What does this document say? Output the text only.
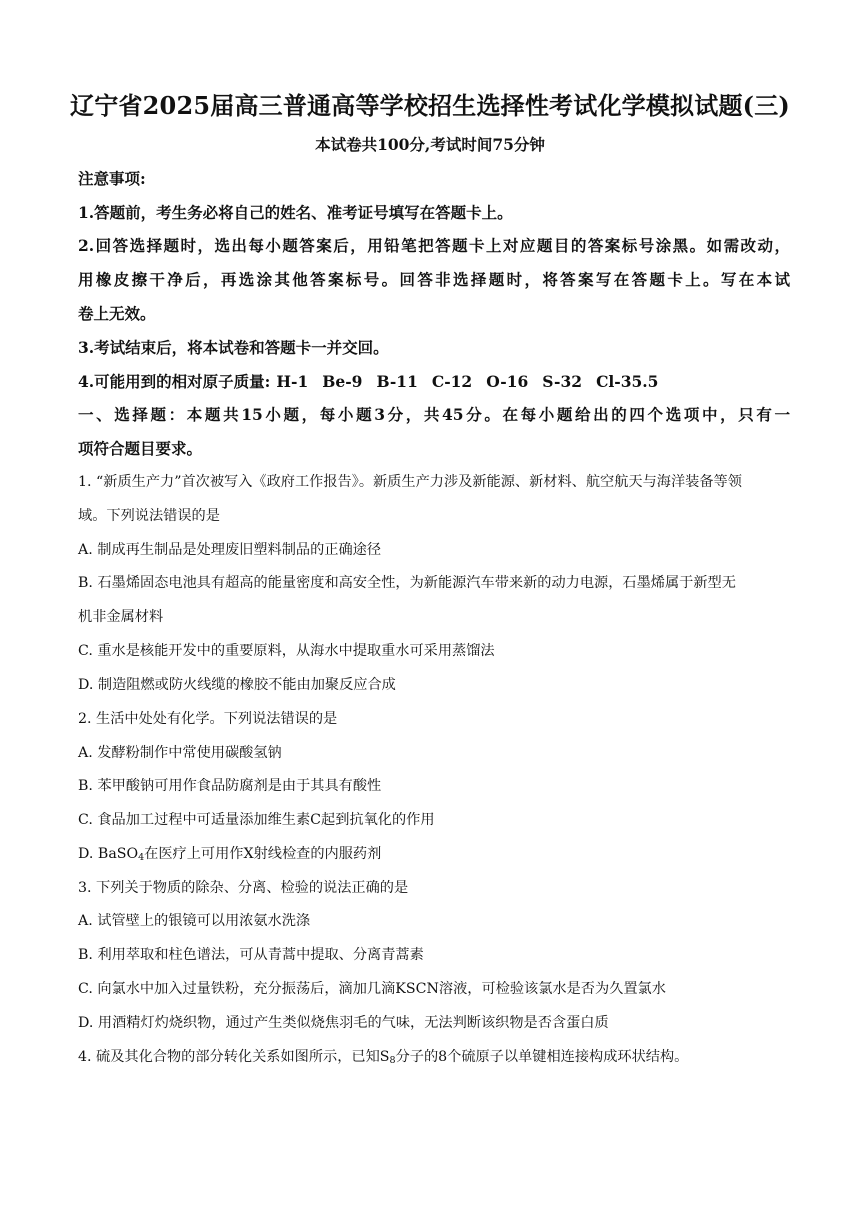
辽宁省2025届高三普通高等学校招生选择性考试化学模拟试题(三)
本试卷共100分,考试时间75分钟
注意事项:
1.答题前，考生务必将自己的姓名、准考证号填写在答题卡上。
2.回答选择题时，选出每小题答案后，用铅笔把答题卡上对应题目的答案标号涂黑。如需改动，
用橡皮擦干净后，再选涂其他答案标号。回答非选择题时，将答案写在答题卡上。写在本试
卷上无效。
3.考试结束后，将本试卷和答题卡一并交回。
4.可能用到的相对原子质量: H-1 Be-9 B-11 C-12 O-16 S-32 Cl-35.5
一、选择题：本题共15小题，每小题3分，共45分。在每小题给出的四个选项中，只有一
项符合题目要求。
1. “新质生产力”首次被写入《政府工作报告》。新质生产力涉及新能源、新材料、航空航天与海洋装备等领
域。下列说法错误的是
A. 制成再生制品是处理废旧塑料制品的正确途径
B. 石墨烯固态电池具有超高的能量密度和高安全性，为新能源汽车带来新的动力电源，石墨烯属于新型无
机非金属材料
C. 重水是核能开发中的重要原料，从海水中提取重水可采用蒸馏法
D. 制造阻燃或防火线缆的橡胶不能由加聚反应合成
2. 生活中处处有化学。下列说法错误的是
A. 发酵粉制作中常使用碳酸氢钠
B. 苯甲酸钠可用作食品防腐剂是由于其具有酸性
C. 食品加工过程中可适量添加维生素C起到抗氧化的作用
D. BaSO$_4$在医疗上可用作X射线检查的内服药剂
3. 下列关于物质的除杂、分离、检验的说法正确的是
A. 试管壁上的银镜可以用浓氨水洗涤
B. 利用萃取和柱色谱法，可从青蒿中提取、分离青蒿素
C. 向氯水中加入过量铁粉，充分振荡后，滴加几滴KSCN溶液，可检验该氯水是否为久置氯水
D. 用酒精灯灼烧织物，通过产生类似烧焦羽毛的气味，无法判断该织物是否含蛋白质
4. 硫及其化合物的部分转化关系如图所示，已知$S_8$分子的8个硫原子以单键相连接构成环状结构。
